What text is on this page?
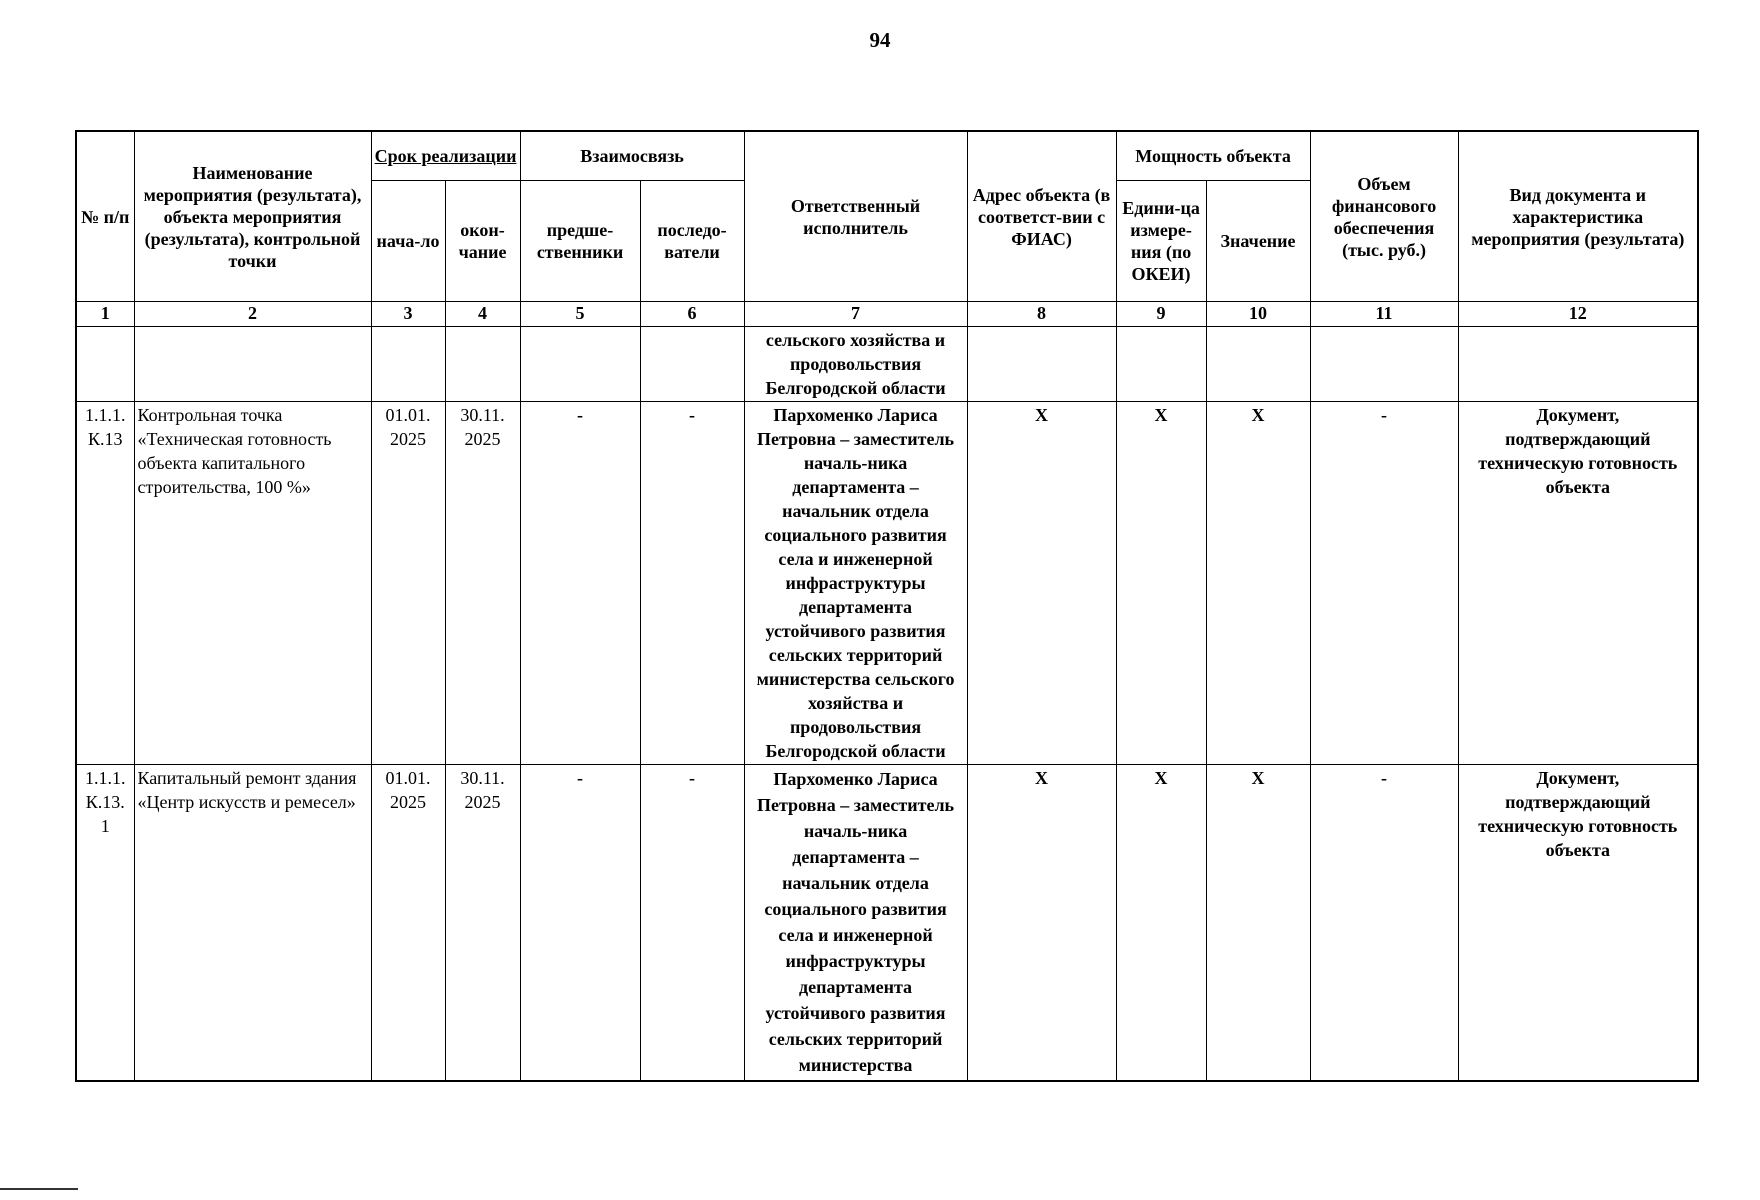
94
№ п/п	Наименование мероприятия (результата), объекта мероприятия (результата), контрольной точки	Срок реализации		Взаимосвязь		Ответственный исполнитель	Адрес объекта (в соответст-вии с ФИАС)	Мощность объекта		Объем финансового обеспечения (тыс. руб.)	Вид документа и характеристика мероприятия (результата)
		нача-ло	окон-чание	предше-ственники	последо-ватели			Едини-ца измере-ния (по ОКЕИ)	Значение		
1	2	3	4	5	6	7	8	9	10	11	12
						сельского хозяйства и продовольствия Белгородской области					
1.1.1. К.13	Контрольная точка «Техническая готовность объекта капитального строительства, 100 %»	01.01. 2025	30.11. 2025	-	-	Пархоменко Лариса Петровна – заместитель началь-ника департамента – начальник отдела социального развития села и инженерной инфраструктуры департамента устойчивого развития сельских территорий министерства сельского хозяйства и продовольствия Белгородской области	X	X	X	-	Документ, подтверждающий техническую готовность объекта
1.1.1. К.13. 1	Капитальный ремонт здания «Центр искусств и ремесел»	01.01. 2025	30.11. 2025	-	-	Пархоменко Лариса Петровна – заместитель началь-ника департамента – начальник отдела социального развития села и инженерной инфраструктуры департамента устойчивого развития сельских территорий министерства	X	X	X	-	Документ, подтверждающий техническую готовность объекта
